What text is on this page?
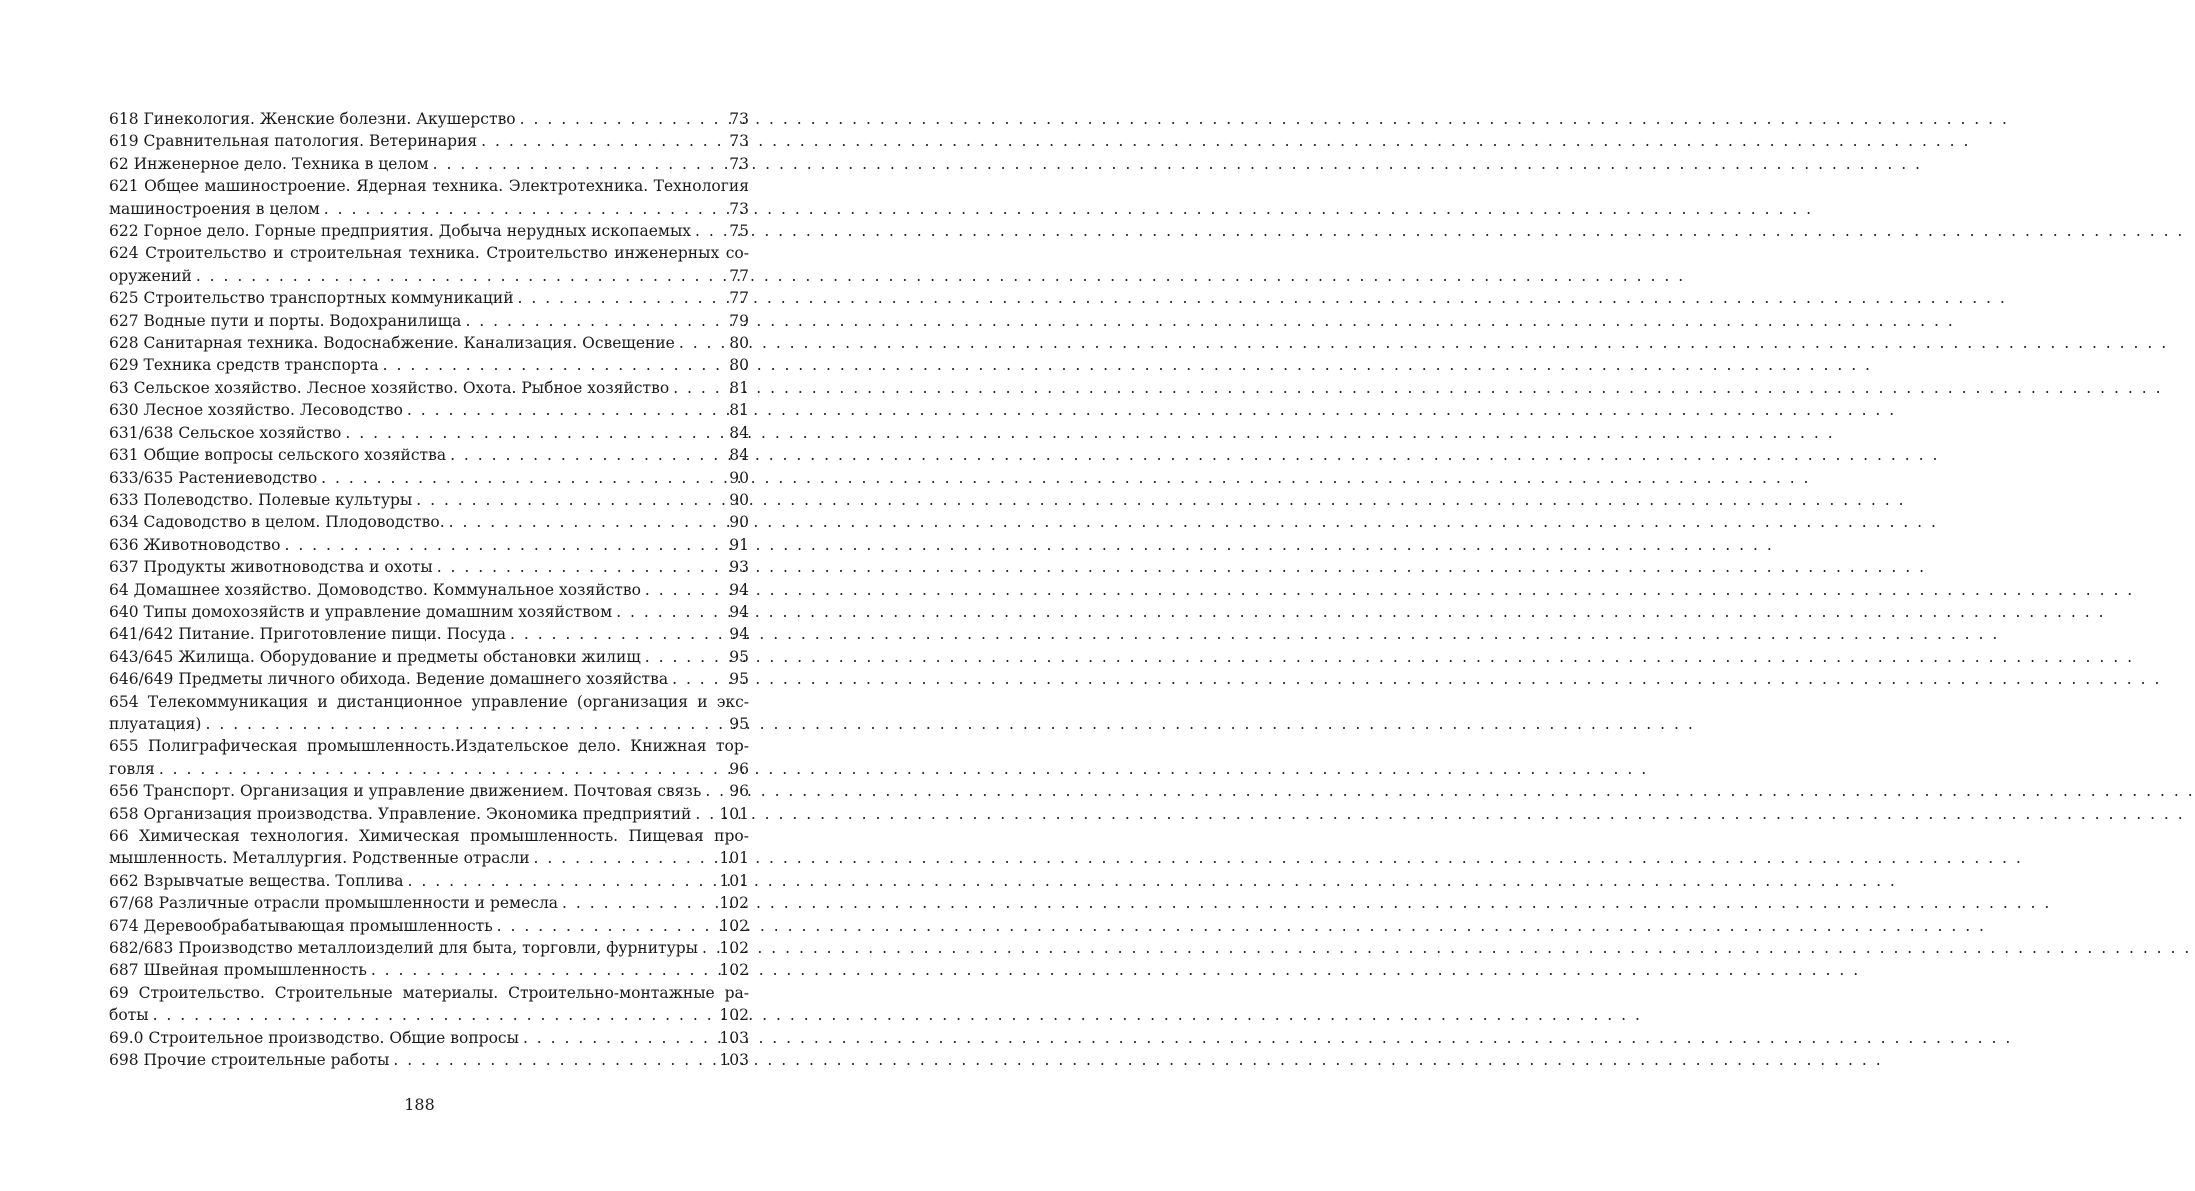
618 Гинекология. Женские болезни. Акушерство . . .	73
619 Сравнительная патология. Ветеринария . . .	73
62 Инженерное дело. Техника в целом . . .	73
621 Общее машиностроение. Ядерная техника. Электротехника. Технология
машиностроения в целом . . .	73
622 Горное дело. Горные предприятия. Добыча нерудных ископаемых . . . 75
624 Строительство и строительная техника. Строительство инженерных со-
оружений . . .	77
625 Строительство транспортных коммуникаций . . .	77
627 Водные пути и порты. Водохранилища . . .	79
628 Санитарная техника. Водоснабжение. Канализация. Освещение . . .	80
629 Техника средств транспорта . . .	80
63 Сельское хозяйство. Лесное хозяйство. Охота. Рыбное хозяйство . . .	81
630 Лесное хозяйство. Лесоводство . . .	81
631/638 Сельское хозяйство . . .	84
631 Общие вопросы сельского хозяйства . . .	84
633/635 Растениеводство . . .	90
633 Полеводство. Полевые культуры . . .	90
634 Садоводство в целом. Плодоводство. . . .	90
636 Животноводство . . .	91
637 Продукты животноводства и охоты . . .	93
64 Домашнее хозяйство. Домоводство. Коммунальное хозяйство . . .	94
640 Типы домохозяйств и управление домашним хозяйством . . .	94
641/642 Питание. Приготовление пищи. Посуда . . .	94
643/645 Жилища. Оборудование и предметы обстановки жилищ . . .	95
646/649 Предметы личного обихода. Ведение домашнего хозяйства . . .	95
654 Телекоммуникация и дистанционное управление (организация и экс-
плуатация) . . .	95
655 Полиграфическая промышленность.Издательское дело. Книжная тор-
говля . . .	96
656 Транспорт. Организация и управление движением. Почтовая связь . . . 96
658 Организация производства. Управление. Экономика предприятий . . . 101
66 Химическая технология. Химическая промышленность. Пищевая про-
мышленность. Металлургия. Родственные отрасли . . .	101
662 Взрывчатые вещества. Топлива . . .	101
67/68 Различные отрасли промышленности и ремесла . . .	102
674 Деревообрабатывающая промышленность . . .	102
682/683 Производство металлоизделий для быта, торговли, фурнитуры . . . 102
687 Швейная промышленность . . .	102
69 Строительство. Строительные материалы. Строительно-монтажные ра-
боты . . .	102
69.0 Строительное производство. Общие вопросы . . .	103
698 Прочие строительные работы . . .	103
188
